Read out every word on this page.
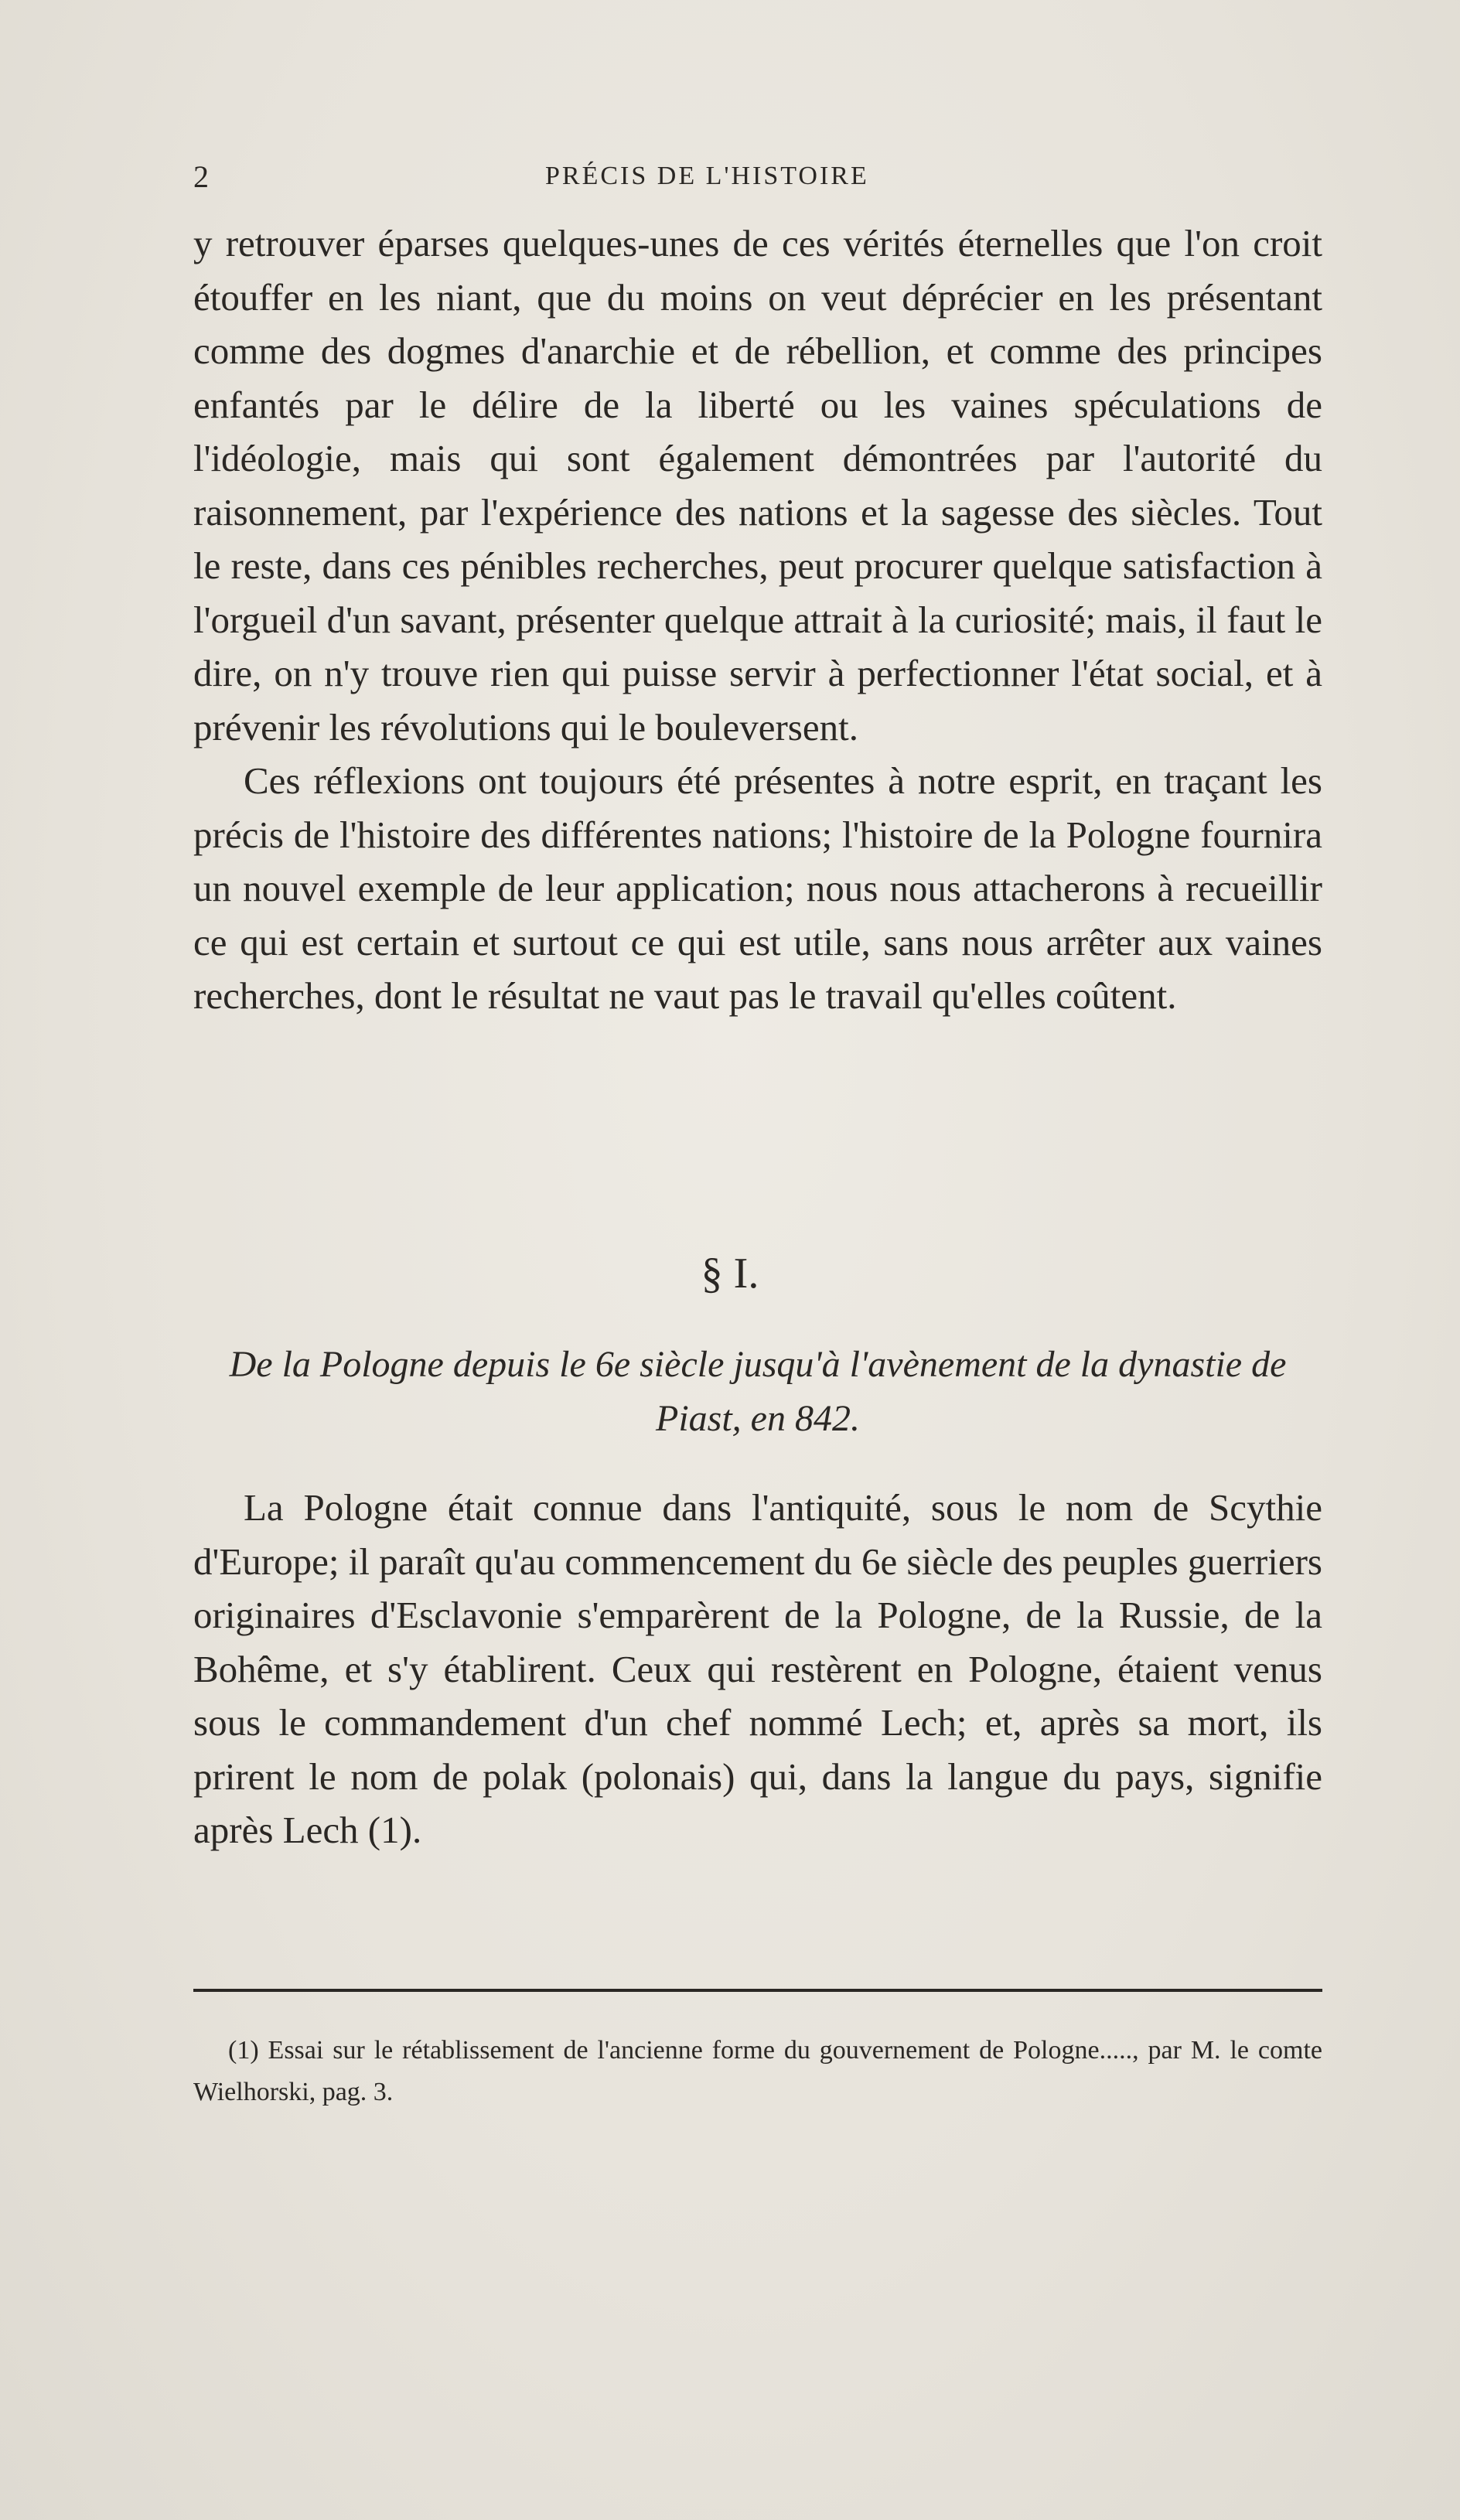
2	PRÉCIS DE L'HISTOIRE

y retrouver éparses quelques-unes de ces vérités éternelles que l'on croit étouffer en les niant, que du moins on veut déprécier en les présentant comme des dogmes d'anarchie et de rébellion, et comme des principes enfantés par le délire de la liberté ou les vaines spéculations de l'idéologie, mais qui sont également démontrées par l'autorité du raisonnement, par l'expérience des nations et la sagesse des siècles. Tout le reste, dans ces pénibles recherches, peut procurer quelque satisfaction à l'orgueil d'un savant, présenter quelque attrait à la curiosité; mais, il faut le dire, on n'y trouve rien qui puisse servir à perfectionner l'état social, et à prévenir les révolutions qui le bouleversent.

Ces réflexions ont toujours été présentes à notre esprit, en traçant les précis de l'histoire des différentes nations; l'histoire de la Pologne fournira un nouvel exemple de leur application; nous nous attacherons à recueillir ce qui est certain et surtout ce qui est utile, sans nous arrêter aux vaines recherches, dont le résultat ne vaut pas le travail qu'elles coûtent.

§ I.
De la Pologne depuis le 6e siècle jusqu'à l'avènement de la dynastie de Piast, en 842.

La Pologne était connue dans l'antiquité, sous le nom de Scythie d'Europe; il paraît qu'au commencement du 6e siècle des peuples guerriers originaires d'Esclavonie s'emparèrent de la Pologne, de la Russie, de la Bohême, et s'y établirent. Ceux qui restèrent en Pologne, étaient venus sous le commandement d'un chef nommé Lech; et, après sa mort, ils prirent le nom de polak (polonais) qui, dans la langue du pays, signifie après Lech (1).

(1) Essai sur le rétablissement de l'ancienne forme du gouvernement de Pologne....., par M. le comte Wielhorski, pag. 3.
